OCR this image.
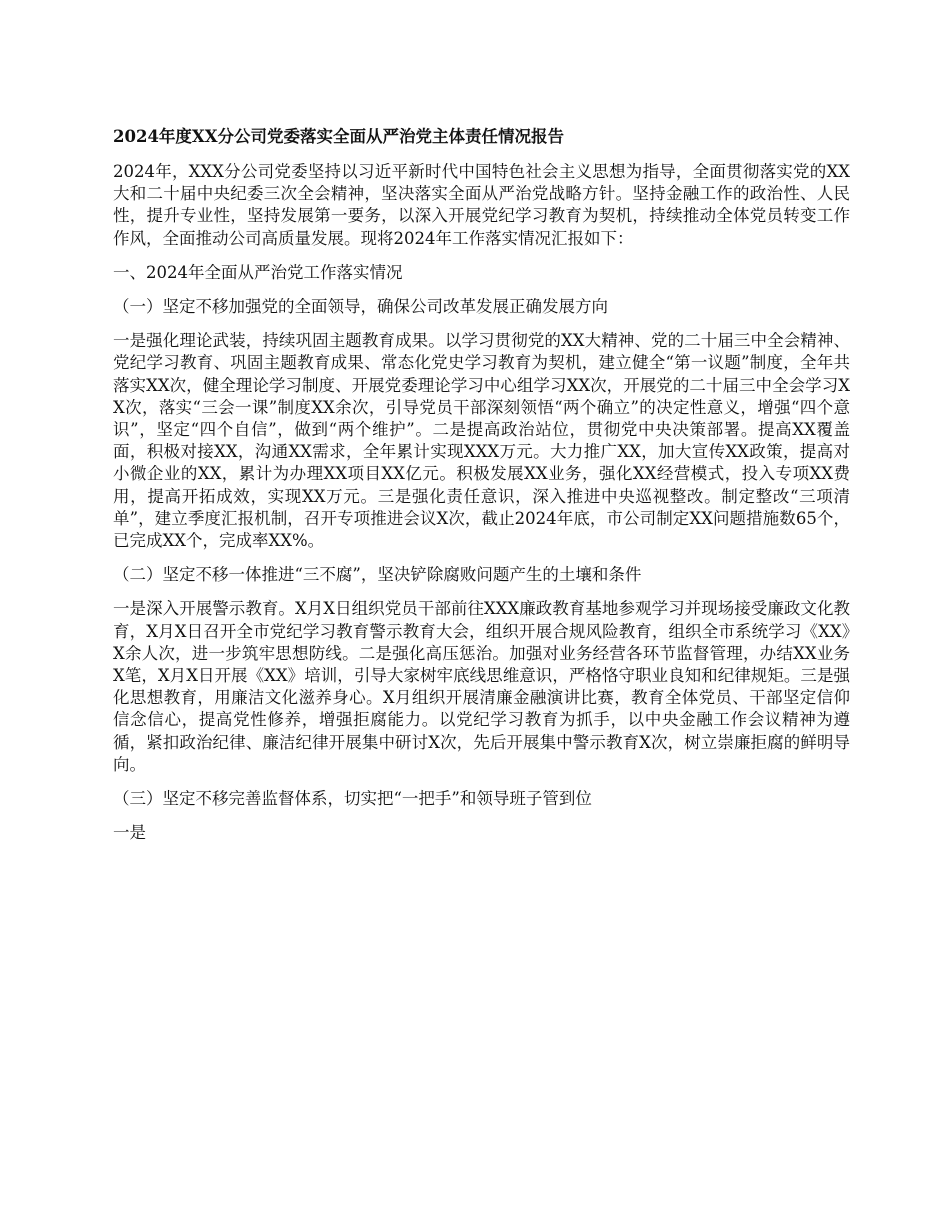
2024年度XX分公司党委落实全面从严治党主体责任情况报告

2024年，XXX分公司党委坚持以习近平新时代中国特色社会主义思想为指导，全面贯彻落实党的XX大和二十届中央纪委三次全会精神，坚决落实全面从严治党战略方针。坚持金融工作的政治性、人民性，提升专业性，坚持发展第一要务，以深入开展党纪学习教育为契机，持续推动全体党员转变工作作风，全面推动公司高质量发展。现将2024年工作落实情况汇报如下：

一、2024年全面从严治党工作落实情况
（一）坚定不移加强党的全面领导，确保公司改革发展正确发展方向

一是强化理论武装，持续巩固主题教育成果。以学习贯彻党的XX大精神、党的二十届三中全会精神、党纪学习教育、巩固主题教育成果、常态化党史学习教育为契机，建立健全“第一议题”制度，全年共落实XX次，健全理论学习制度、开展党委理论学习中心组学习XX次，开展党的二十届三中全会学习XX次，落实“三会一课”制度XX余次，引导党员干部深刻领悟“两个确立”的决定性意义，增强“四个意识”，坚定“四个自信”，做到“两个维护”。二是提高政治站位，贯彻党中央决策部署。提高XX覆盖面，积极对接XX，沟通XX需求，全年累计实现XXX万元。大力推广XX，加大宣传XX政策，提高对小微企业的XX，累计为办理XX项目XX亿元。积极发展XX业务，强化XX经营模式，投入专项XX费用，提高开拓成效，实现XX万元。三是强化责任意识，深入推进中央巡视整改。制定整改“三项清单”，建立季度汇报机制，召开专项推进会议X次，截止2024年底，市公司制定XX问题措施数65个，已完成XX个，完成率XX%。

（二）坚定不移一体推进“三不腐”，坚决铲除腐败问题产生的土壤和条件

一是深入开展警示教育。X月X日组织党员干部前往XXX廉政教育基地参观学习并现场接受廉政文化教育，X月X日召开全市党纪学习教育警示教育大会，组织开展合规风险教育，组织全市系统学习《XX》X余人次，进一步筑牢思想防线。二是强化高压惩治。加强对业务经营各环节监督管理，办结XX业务X笔，X月X日开展《XX》培训，引导大家树牢底线思维意识，严格恪守职业良知和纪律规矩。三是强化思想教育，用廉洁文化滋养身心。X月组织开展清廉金融演讲比赛，教育全体党员、干部坚定信仰信念信心，提高党性修养，增强拒腐能力。以党纪学习教育为抓手，以中央金融工作会议精神为遵循，紧扣政治纪律、廉洁纪律开展集中研讨X次，先后开展集中警示教育X次，树立崇廉拒腐的鲜明导向。

（三）坚定不移完善监督体系，切实把“一把手”和领导班子管到位

一是
